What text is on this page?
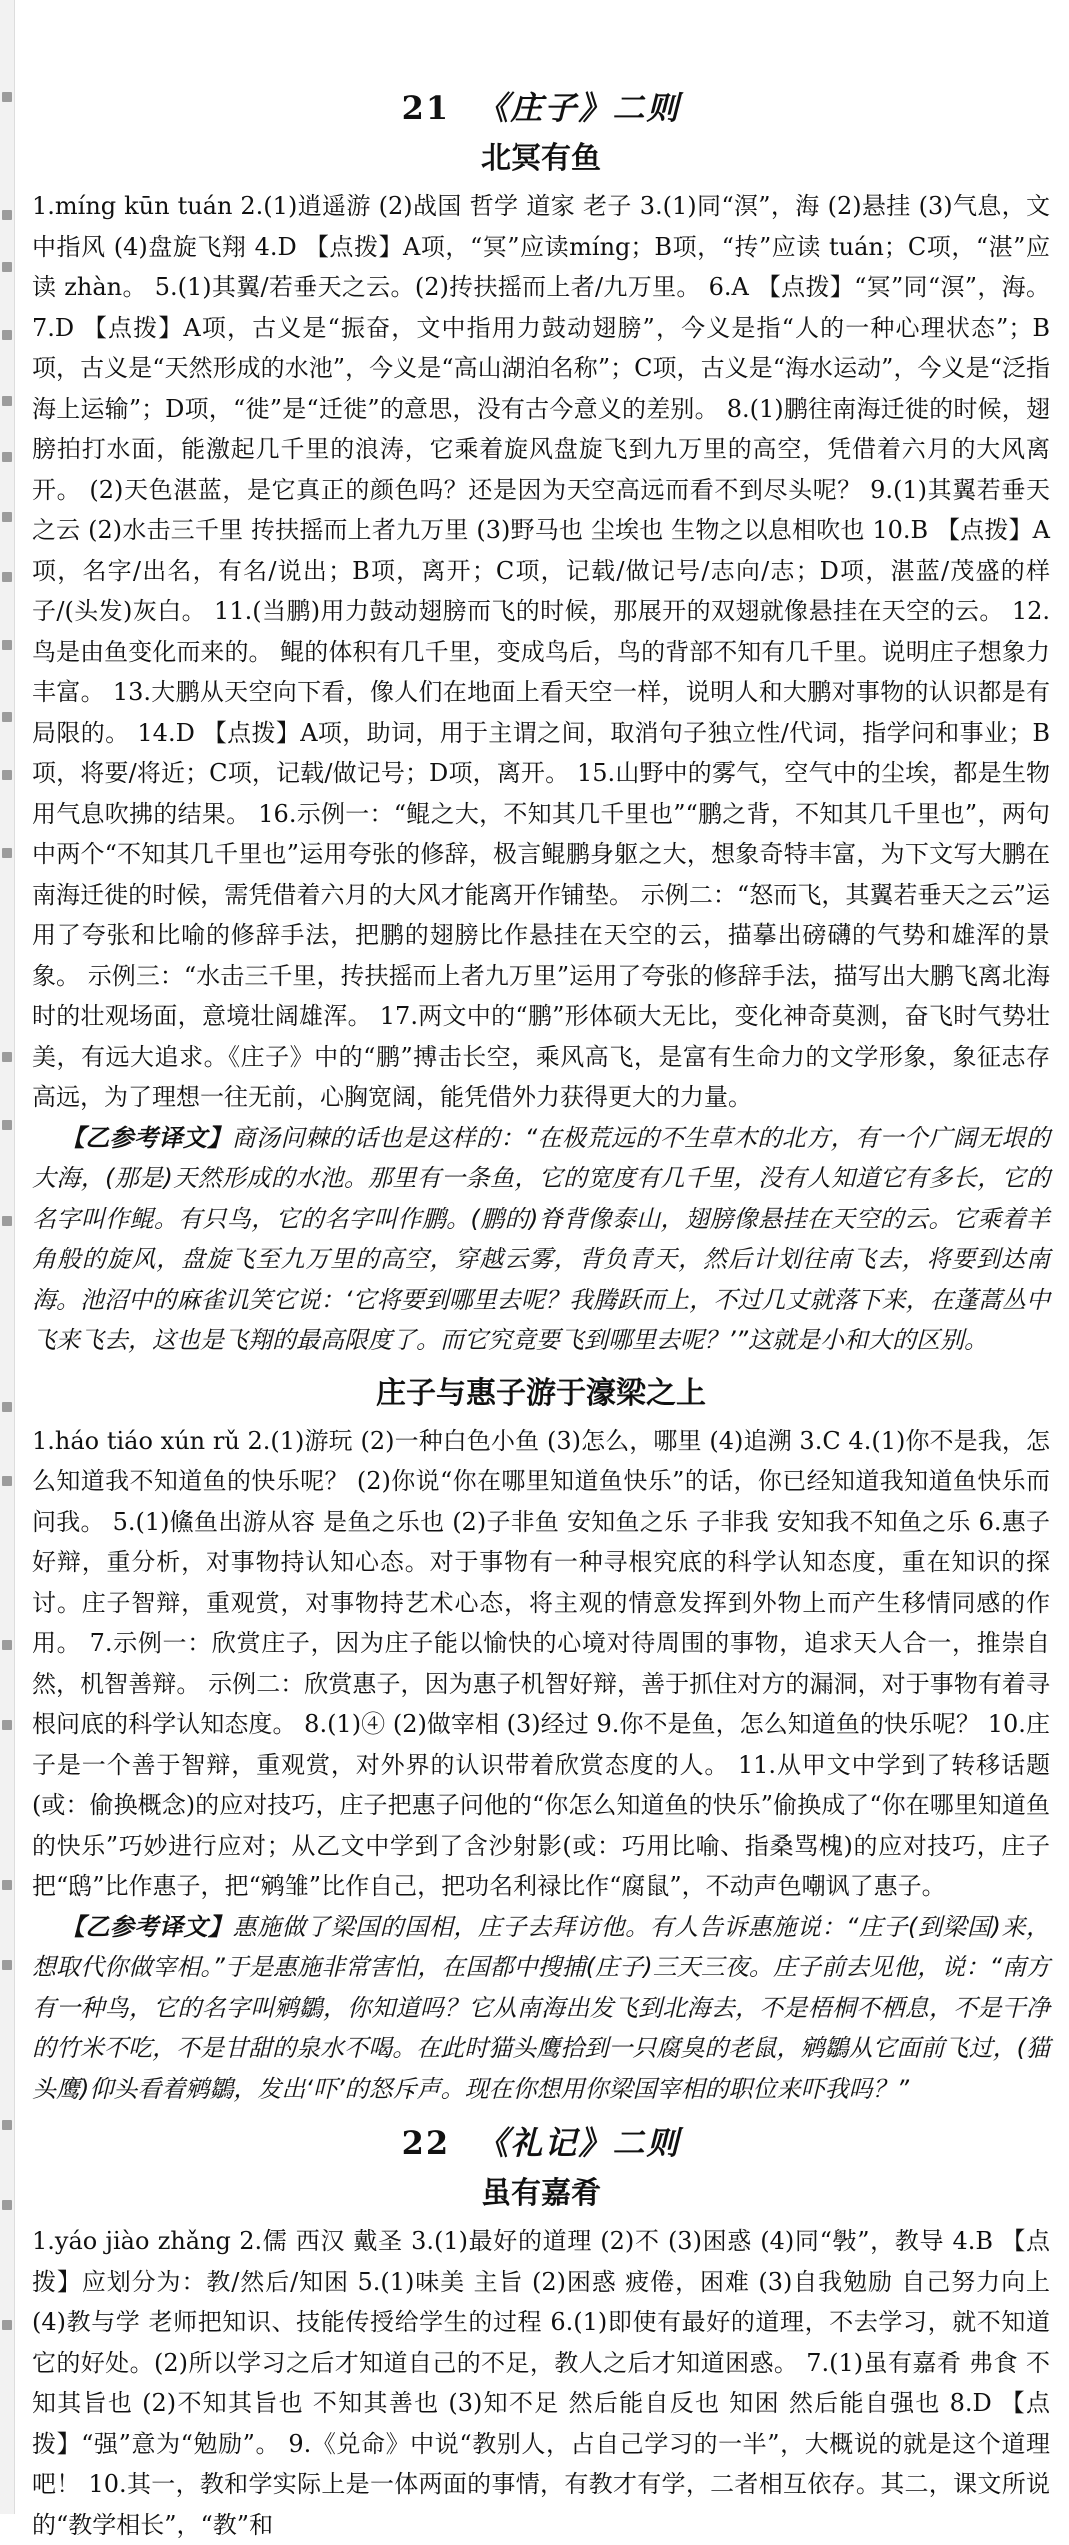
21 《庄子》二则
北冥有鱼

1.míng kūn tuán 2.(1)逍遥游 (2)战国 哲学 道家 老子 3.(1)同“溟”，海 (2)悬挂 (3)气息，文中指风 (4)盘旋飞翔 4.D 【点拨】A项，“冥”应读míng；B项，“抟”应读 tuán；C项，“湛”应读 zhàn。 5.(1)其翼/若垂天之云。(2)抟扶摇而上者/九万里。 6.A 【点拨】“冥”同“溟”，海。 7.D 【点拨】A项，古义是“振奋，文中指用力鼓动翅膀”，今义是指“人的一种心理状态”；B项，古义是“天然形成的水池”，今义是“高山湖泊名称”；C项，古义是“海水运动”，今义是“泛指海上运输”；D项，“徙”是“迁徙”的意思，没有古今意义的差别。 8.(1)鹏往南海迁徙的时候，翅膀拍打水面，能激起几千里的浪涛，它乘着旋风盘旋飞到九万里的高空，凭借着六月的大风离开。 (2)天色湛蓝，是它真正的颜色吗？还是因为天空高远而看不到尽头呢？ 9.(1)其翼若垂天之云 (2)水击三千里 抟扶摇而上者九万里 (3)野马也 尘埃也 生物之以息相吹也 10.B 【点拨】A项，名字/出名，有名/说出；B项，离开；C项，记载/做记号/志向/志；D项，湛蓝/茂盛的样子/(头发)灰白。 11.(当鹏)用力鼓动翅膀而飞的时候，那展开的双翅就像悬挂在天空的云。 12.鸟是由鱼变化而来的。 鲲的体积有几千里，变成鸟后，鸟的背部不知有几千里。说明庄子想象力丰富。 13.大鹏从天空向下看，像人们在地面上看天空一样，说明人和大鹏对事物的认识都是有局限的。 14.D 【点拨】A项，助词，用于主谓之间，取消句子独立性/代词，指学问和事业；B项，将要/将近；C项，记载/做记号；D项，离开。 15.山野中的雾气，空气中的尘埃，都是生物用气息吹拂的结果。 16.示例一：“鲲之大，不知其几千里也”“鹏之背，不知其几千里也”，两句中两个“不知其几千里也”运用夸张的修辞，极言鲲鹏身躯之大，想象奇特丰富，为下文写大鹏在南海迁徙的时候，需凭借着六月的大风才能离开作铺垫。 示例二：“怒而飞，其翼若垂天之云”运用了夸张和比喻的修辞手法，把鹏的翅膀比作悬挂在天空的云，描摹出磅礴的气势和雄浑的景象。 示例三：“水击三千里，抟扶摇而上者九万里”运用了夸张的修辞手法，描写出大鹏飞离北海时的壮观场面，意境壮阔雄浑。 17.两文中的“鹏”形体硕大无比，变化神奇莫测，奋飞时气势壮美，有远大追求。《庄子》中的“鹏”搏击长空，乘风高飞，是富有生命力的文学形象，象征志存高远，为了理想一往无前，心胸宽阔，能凭借外力获得更大的力量。

【乙参考译文】商汤问棘的话也是这样的：“在极荒远的不生草木的北方，有一个广阔无垠的大海，(那是)天然形成的水池。那里有一条鱼，它的宽度有几千里，没有人知道它有多长，它的名字叫作鲲。有只鸟，它的名字叫作鹏。(鹏的)脊背像泰山，翅膀像悬挂在天空的云。它乘着羊角般的旋风，盘旋飞至九万里的高空，穿越云雾，背负青天，然后计划往南飞去，将要到达南海。池沼中的麻雀讥笑它说：‘它将要到哪里去呢？我腾跃而上，不过几丈就落下来，在蓬蒿丛中飞来飞去，这也是飞翔的最高限度了。而它究竟要飞到哪里去呢？’”这就是小和大的区别。

庄子与惠子游于濠梁之上

1.háo tiáo xún rǔ 2.(1)游玩 (2)一种白色小鱼 (3)怎么，哪里 (4)追溯 3.C 4.(1)你不是我，怎么知道我不知道鱼的快乐呢？ (2)你说“你在哪里知道鱼快乐”的话，你已经知道我知道鱼快乐而问我。 5.(1)鯈鱼出游从容 是鱼之乐也 (2)子非鱼 安知鱼之乐 子非我 安知我不知鱼之乐 6.惠子好辩，重分析，对事物持认知心态。对于事物有一种寻根究底的科学认知态度，重在知识的探讨。庄子智辩，重观赏，对事物持艺术心态，将主观的情意发挥到外物上而产生移情同感的作用。 7.示例一：欣赏庄子，因为庄子能以愉快的心境对待周围的事物，追求天人合一，推崇自然，机智善辩。 示例二：欣赏惠子，因为惠子机智好辩，善于抓住对方的漏洞，对于事物有着寻根问底的科学认知态度。 8.(1)④ (2)做宰相 (3)经过 9.你不是鱼，怎么知道鱼的快乐呢？ 10.庄子是一个善于智辩，重观赏，对外界的认识带着欣赏态度的人。 11.从甲文中学到了转移话题(或：偷换概念)的应对技巧，庄子把惠子问他的“你怎么知道鱼的快乐”偷换成了“你在哪里知道鱼的快乐”巧妙进行应对；从乙文中学到了含沙射影(或：巧用比喻、指桑骂槐)的应对技巧，庄子把“鸱”比作惠子，把“鹓雏”比作自己，把功名利禄比作“腐鼠”，不动声色嘲讽了惠子。

【乙参考译文】惠施做了梁国的国相，庄子去拜访他。有人告诉惠施说：“庄子(到梁国)来，想取代你做宰相。”于是惠施非常害怕，在国都中搜捕(庄子)三天三夜。庄子前去见他，说：“南方有一种鸟，它的名字叫鹓鶵，你知道吗？它从南海出发飞到北海去，不是梧桐不栖息，不是干净的竹米不吃，不是甘甜的泉水不喝。在此时猫头鹰拾到一只腐臭的老鼠，鹓鶵从它面前飞过，(猫头鹰)仰头看着鹓鶵，发出‘吓’的怒斥声。现在你想用你梁国宰相的职位来吓我吗？”

22 《礼记》二则
虽有嘉肴

1.yáo jiào zhǎng 2.儒 西汉 戴圣 3.(1)最好的道理 (2)不 (3)困惑 (4)同“斅”，教导 4.B 【点拨】应划分为：教/然后/知困 5.(1)味美 主旨 (2)困惑 疲倦，困难 (3)自我勉励 自己努力向上 (4)教与学 老师把知识、技能传授给学生的过程 6.(1)即使有最好的道理，不去学习，就不知道它的好处。(2)所以学习之后才知道自己的不足，教人之后才知道困惑。 7.(1)虽有嘉肴 弗食 不知其旨也 (2)不知其旨也 不知其善也 (3)知不足 然后能自反也 知困 然后能自强也 8.D 【点拨】“强”意为“勉励”。 9.《兑命》中说“教别人，占自己学习的一半”，大概说的就是这个道理吧！ 10.其一，教和学实际上是一体两面的事情，有教才有学，二者相互依存。其二，课文所说的“教学相长”，“教”和
